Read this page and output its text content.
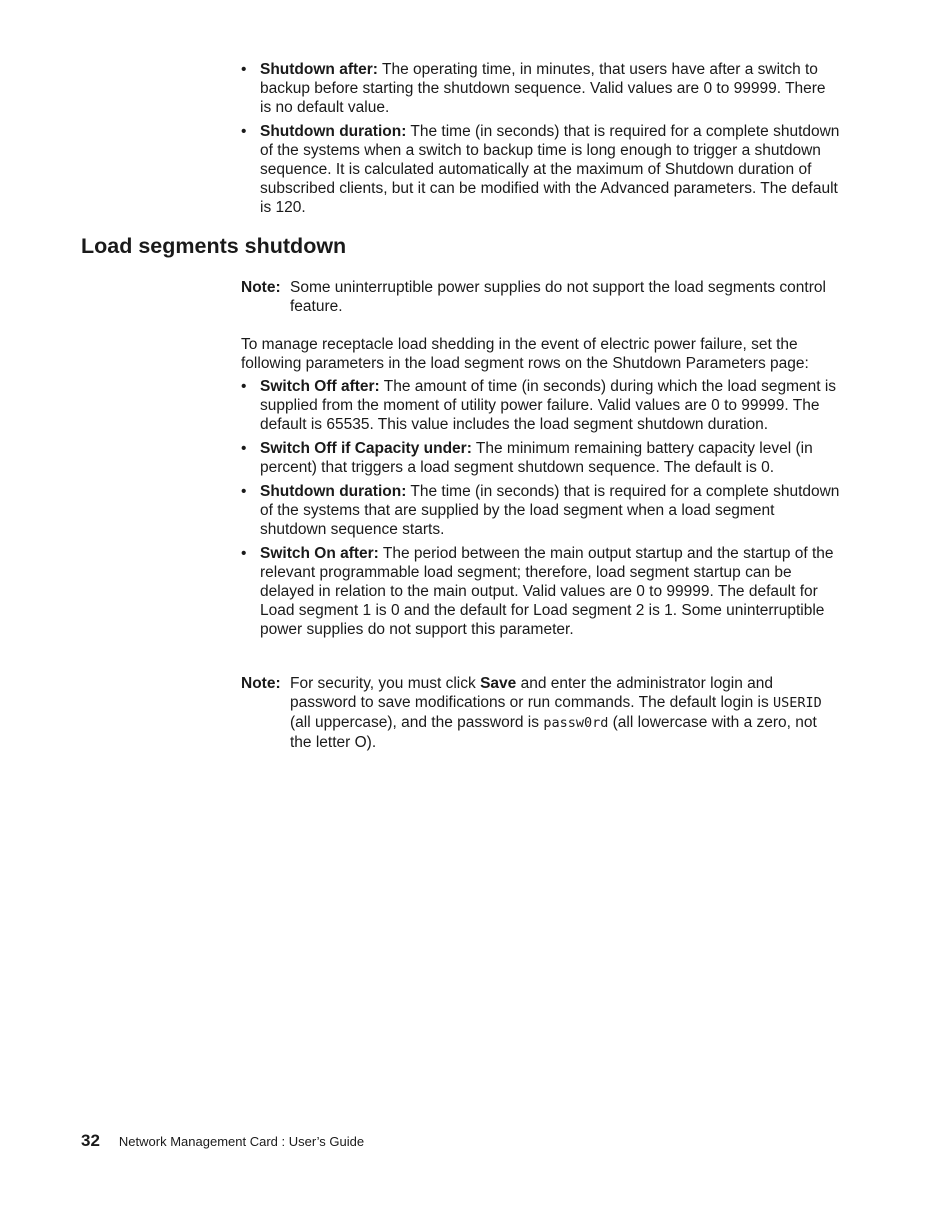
• Shutdown after: The operating time, in minutes, that users have after a switch to backup before starting the shutdown sequence. Valid values are 0 to 99999. There is no default value.
• Shutdown duration: The time (in seconds) that is required for a complete shutdown of the systems when a switch to backup time is long enough to trigger a shutdown sequence. It is calculated automatically at the maximum of Shutdown duration of subscribed clients, but it can be modified with the Advanced parameters. The default is 120.
Load segments shutdown
Note: Some uninterruptible power supplies do not support the load segments control feature.

To manage receptacle load shedding in the event of electric power failure, set the following parameters in the load segment rows on the Shutdown Parameters page:

• Switch Off after: The amount of time (in seconds) during which the load segment is supplied from the moment of utility power failure. Valid values are 0 to 99999. The default is 65535. This value includes the load segment shutdown duration.
• Switch Off if Capacity under: The minimum remaining battery capacity level (in percent) that triggers a load segment shutdown sequence. The default is 0.
• Shutdown duration: The time (in seconds) that is required for a complete shutdown of the systems that are supplied by the load segment when a load segment shutdown sequence starts.
• Switch On after: The period between the main output startup and the startup of the relevant programmable load segment; therefore, load segment startup can be delayed in relation to the main output. Valid values are 0 to 99999. The default for Load segment 1 is 0 and the default for Load segment 2 is 1. Some uninterruptible power supplies do not support this parameter.
Note: For security, you must click Save and enter the administrator login and password to save modifications or run commands. The default login is USERID (all uppercase), and the password is passw0rd (all lowercase with a zero, not the letter O).
32 Network Management Card : User’s Guide
